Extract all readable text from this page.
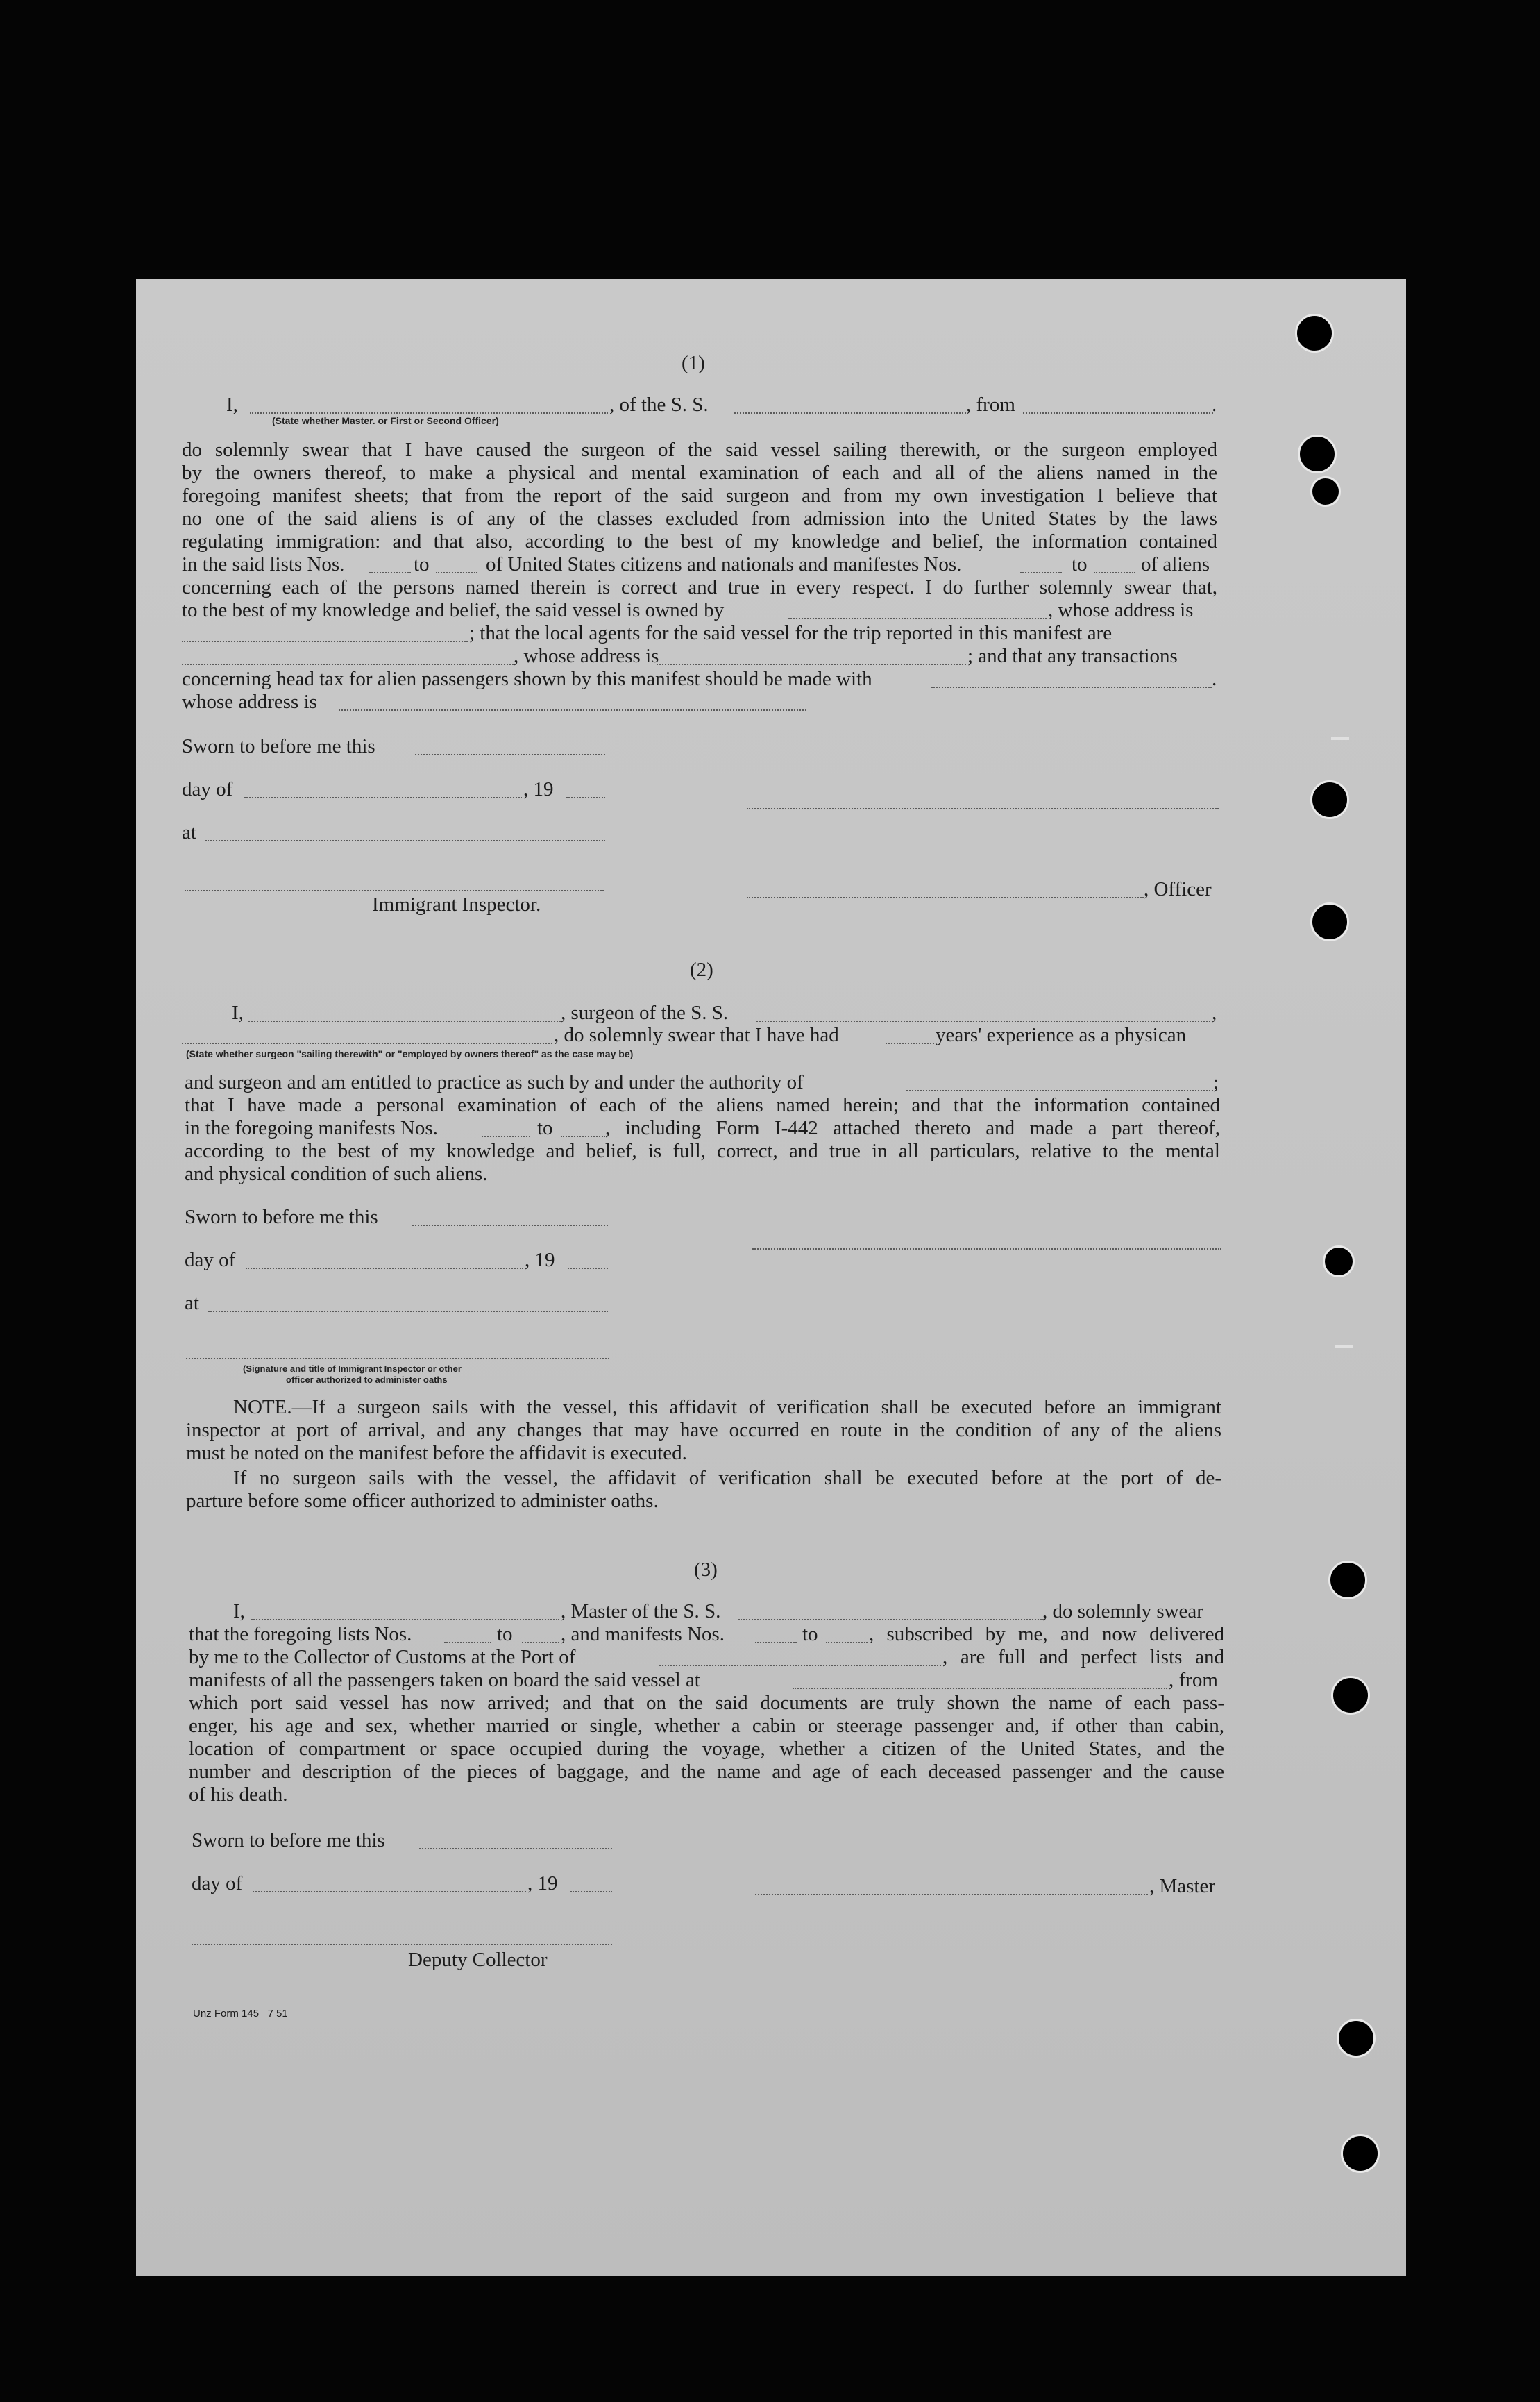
(1)
I,	, of the S. S.	, from	.
(State whether Master. or First or Second Officer)
do solemnly swear that I have caused the surgeon of the said vessel sailing therewith, or the surgeon employed
by the owners thereof, to make a physical and mental examination of each and all of the aliens named in the
foregoing manifest sheets; that from the report of the said surgeon and from my own investigation I believe that
no one of the said aliens is of any of the classes excluded from admission into the United States by the laws
regulating immigration: and that also, according to the best of my knowledge and belief, the information contained
in the said lists Nos.	to	of United States citizens and nationals and manifestes Nos.	to	of aliens
concerning each of the persons named therein is correct and true in every respect. I do further solemnly swear that,
to the best of my knowledge and belief, the said vessel is owned by	, whose address is
; that the local agents for the said vessel for the trip reported in this manifest are
, whose address is	; and that any transactions
concerning head tax for alien passengers shown by this manifest should be made with	.
whose address is
Sworn to before me this
day of	, 19
at
, Officer
Immigrant Inspector.
(2)
I,	, surgeon of the S. S.	,
, do solemnly swear that I have had	years' experience as a physican
(State whether surgeon "sailing therewith" or "employed by owners thereof" as the case may be)
and surgeon and am entitled to practice as such by and under the authority of	;
that I have made a personal examination of each of the aliens named herein; and that the information contained
in the foregoing manifests Nos.	to	, including Form I-442 attached thereto and made a part thereof,
according to the best of my knowledge and belief, is full, correct, and true in all particulars, relative to the mental
and physical condition of such aliens.
Sworn to before me this
day of	, 19
at
(Signature and title of Immigrant Inspector or other
officer authorized to administer oaths
NOTE.—If a surgeon sails with the vessel, this affidavit of verification shall be executed before an immigrant
inspector at port of arrival, and any changes that may have occurred en route in the condition of any of the aliens
must be noted on the manifest before the affidavit is executed.
If no surgeon sails with the vessel, the affidavit of verification shall be executed before at the port of de-
parture before some officer authorized to administer oaths.
(3)
I,	, Master of the S. S.	, do solemnly swear
that the foregoing lists Nos.	to , and manifests Nos.	to	, subscribed by me, and now delivered
by me to the Collector of Customs at the Port of	, are full and perfect lists and
manifests of all the passengers taken on board the said vessel at	, from
which port said vessel has now arrived; and that on the said documents are truly shown the name of each pass-
enger, his age and sex, whether married or single, whether a cabin or steerage passenger and, if other than cabin,
location of compartment or space occupied during the voyage, whether a citizen of the United States, and the
number and description of the pieces of baggage, and the name and age of each deceased passenger and the cause
of his death.
Sworn to before me this
day of	, 19	, Master
Deputy Collector
Unz Form 145   7 51
